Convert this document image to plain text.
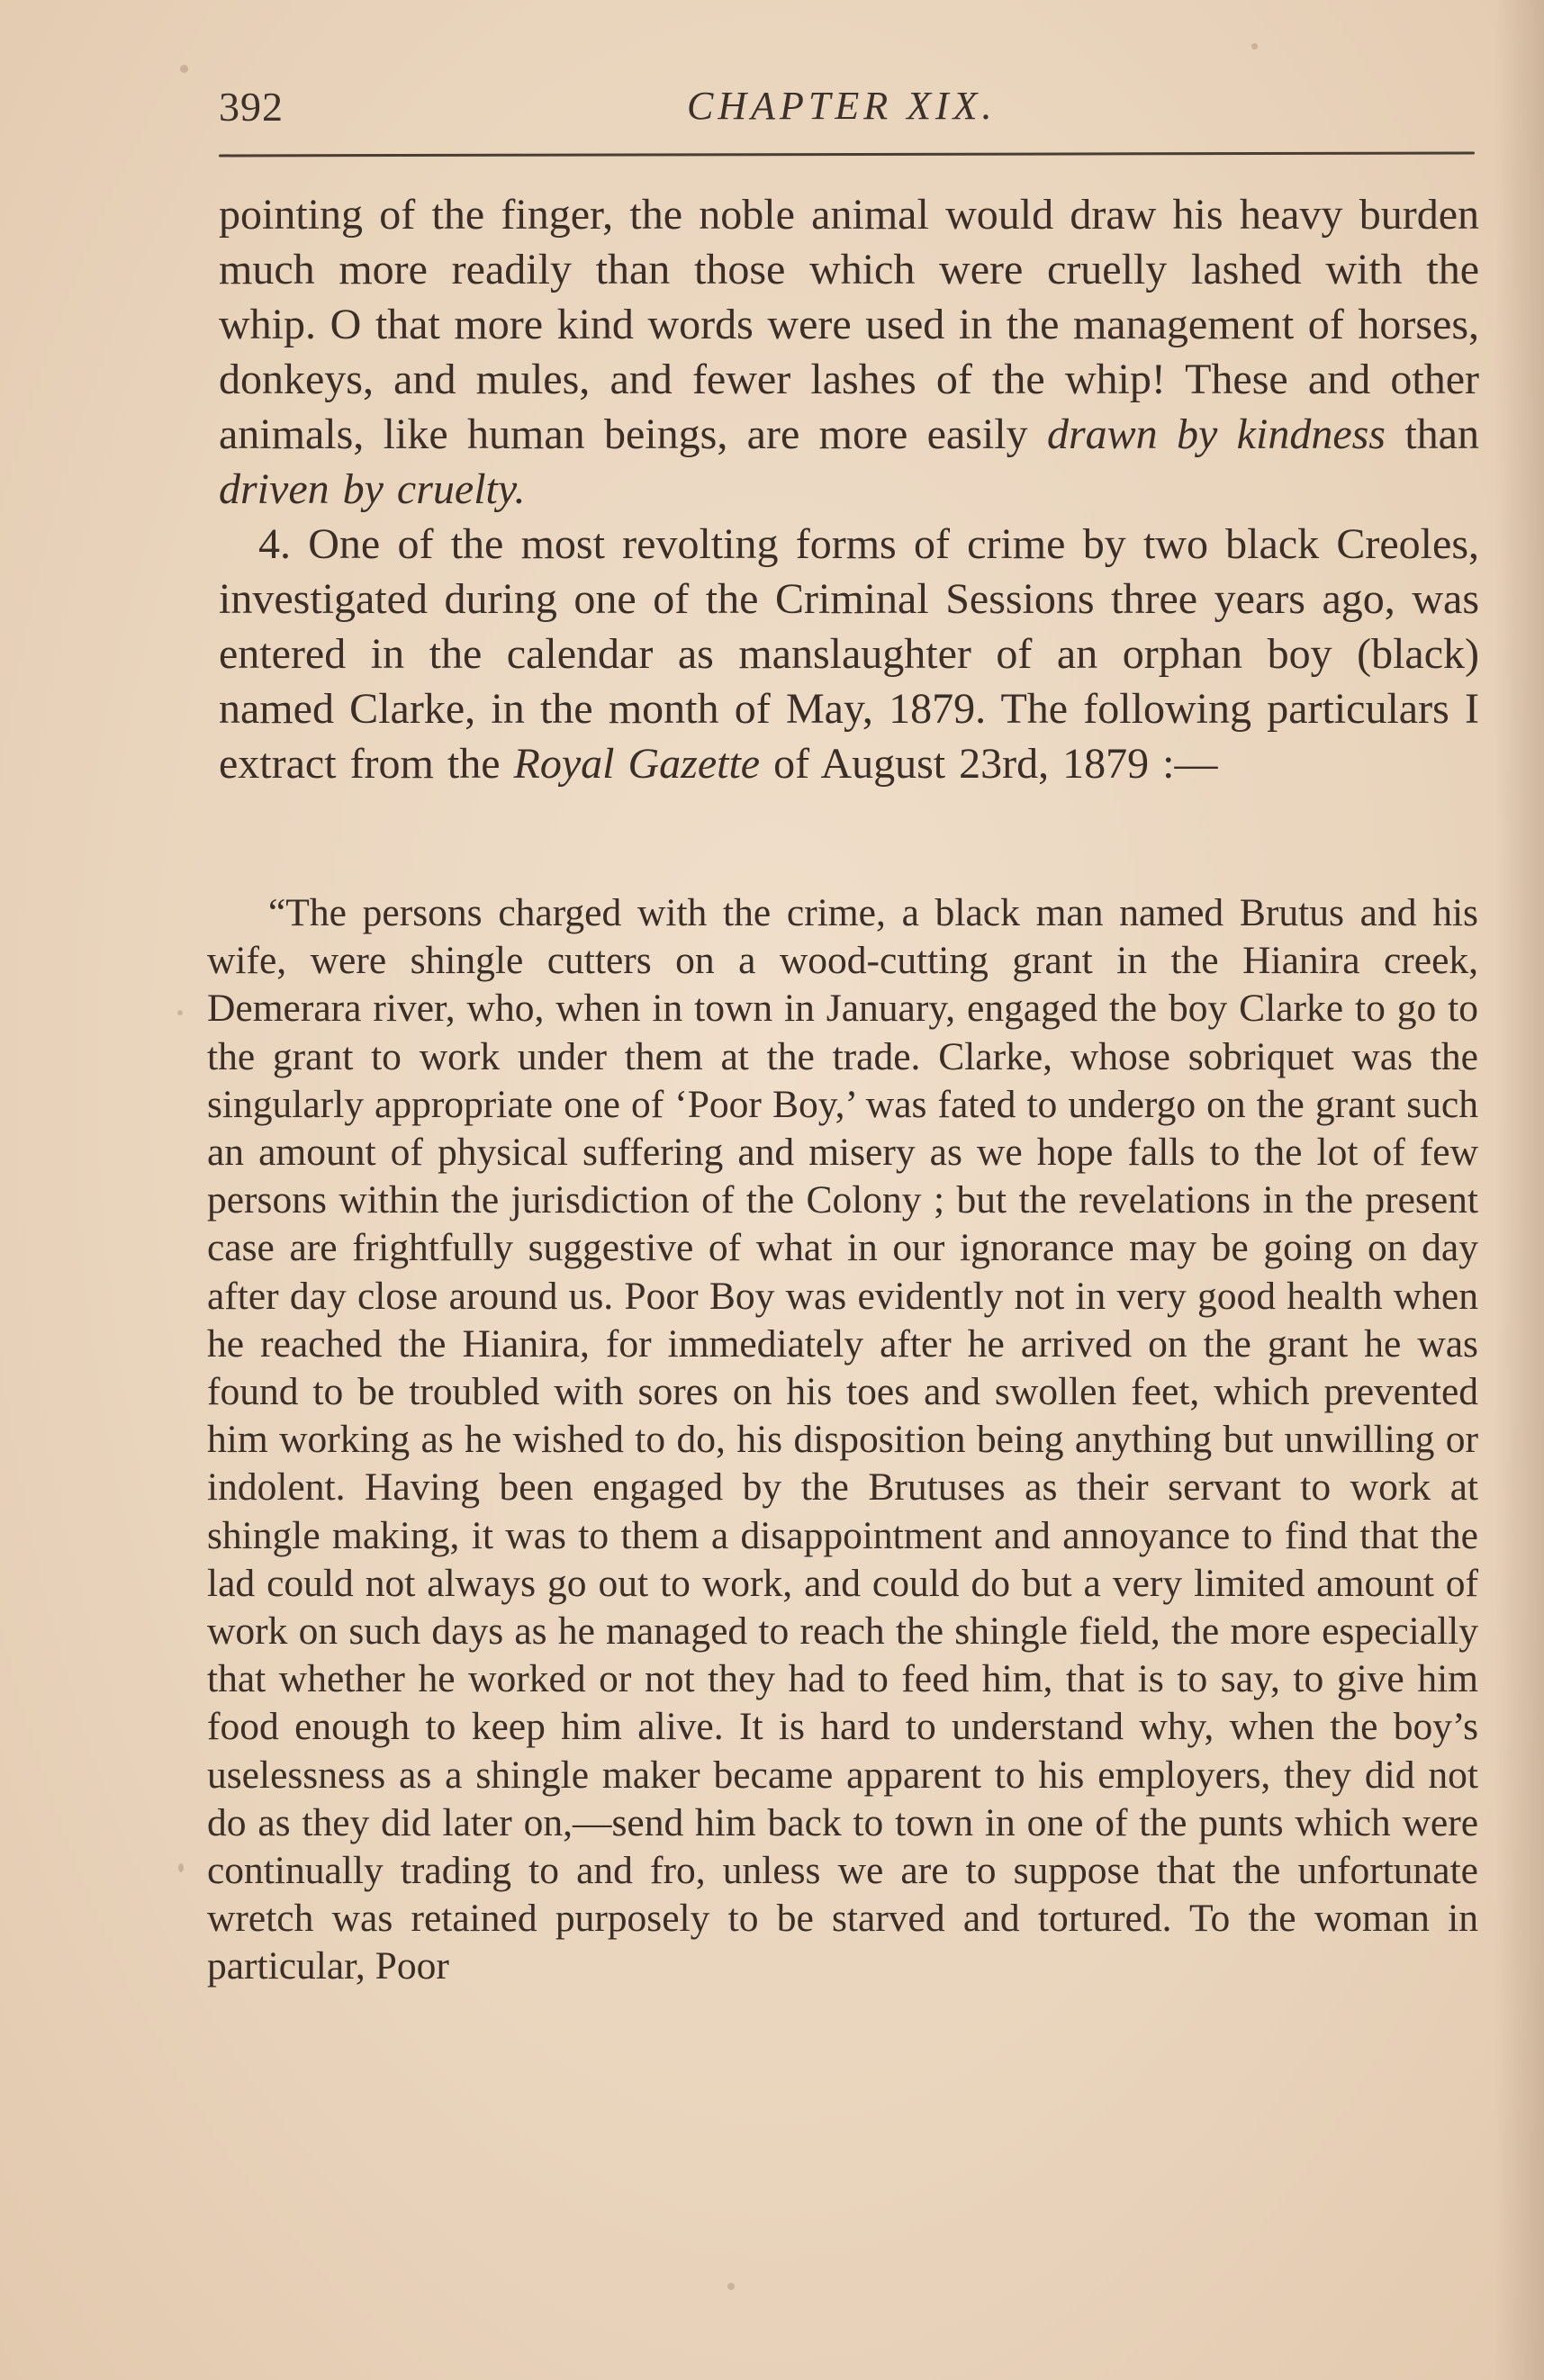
392	CHAPTER XIX.

pointing of the finger, the noble animal would draw his heavy burden much more readily than those which were cruelly lashed with the whip. O that more kind words were used in the management of horses, donkeys, and mules, and fewer lashes of the whip! These and other animals, like human beings, are more easily drawn by kindness than driven by cruelty.

4. One of the most revolting forms of crime by two black Creoles, investigated during one of the Criminal Sessions three years ago, was entered in the calendar as manslaughter of an orphan boy (black) named Clarke, in the month of May, 1879. The following particulars I extract from the Royal Gazette of August 23rd, 1879 :—

“The persons charged with the crime, a black man named Brutus and his wife, were shingle cutters on a wood-cutting grant in the Hianira creek, Demerara river, who, when in town in January, engaged the boy Clarke to go to the grant to work under them at the trade. Clarke, whose sobriquet was the singularly appropriate one of ‘Poor Boy,’ was fated to undergo on the grant such an amount of physical suffering and misery as we hope falls to the lot of few persons within the jurisdiction of the Colony ; but the revelations in the present case are frightfully suggestive of what in our ignorance may be going on day after day close around us. Poor Boy was evidently not in very good health when he reached the Hianira, for immediately after he arrived on the grant he was found to be troubled with sores on his toes and swollen feet, which prevented him working as he wished to do, his disposition being anything but unwilling or indolent. Having been engaged by the Brutuses as their servant to work at shingle making, it was to them a disappointment and annoyance to find that the lad could not always go out to work, and could do but a very limited amount of work on such days as he managed to reach the shingle field, the more especially that whether he worked or not they had to feed him, that is to say, to give him food enough to keep him alive. It is hard to understand why, when the boy’s uselessness as a shingle maker became apparent to his employers, they did not do as they did later on,—send him back to town in one of the punts which were continually trading to and fro, unless we are to suppose that the unfortunate wretch was retained purposely to be starved and tortured. To the woman in particular, Poor
